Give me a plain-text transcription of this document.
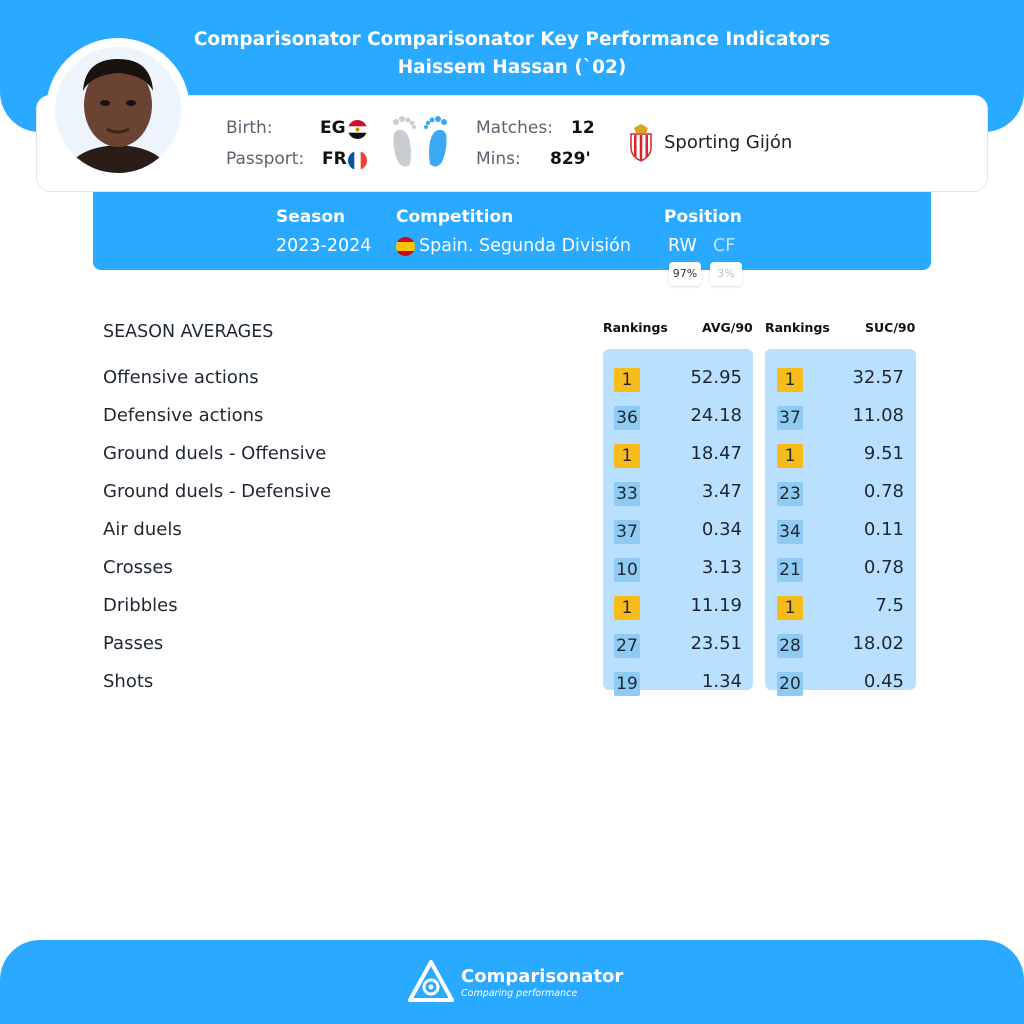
Comparisonator Comparisonator Key Performance Indicators
Haissem Hassan (`02)
Birth:	EG
Passport: FR
Matches: 12
Mins: 829'
Sporting Gijón
Season
2023-2024
Competition
Spain. Segunda División
Position
RW CF
97%	3%
SEASON AVERAGES	Rankings	AVG/90 Rankings	SUC/90
Offensive actions	1	52.95	1	32.57
Defensive actions	36	24.18 37	11.08
Ground duels - Offensive	1	18.47	1	9.51
Ground duels - Defensive	33	3.47 23	0.78
Air duels	37	0.34 34	0.11
Crosses	10	3.13 21	0.78
Dribbles	1	11.19	1	7.5
Passes	27	23.51 28	18.02
Shots	19	1.34 20	0.45
Comparisonator
Comparing performance
